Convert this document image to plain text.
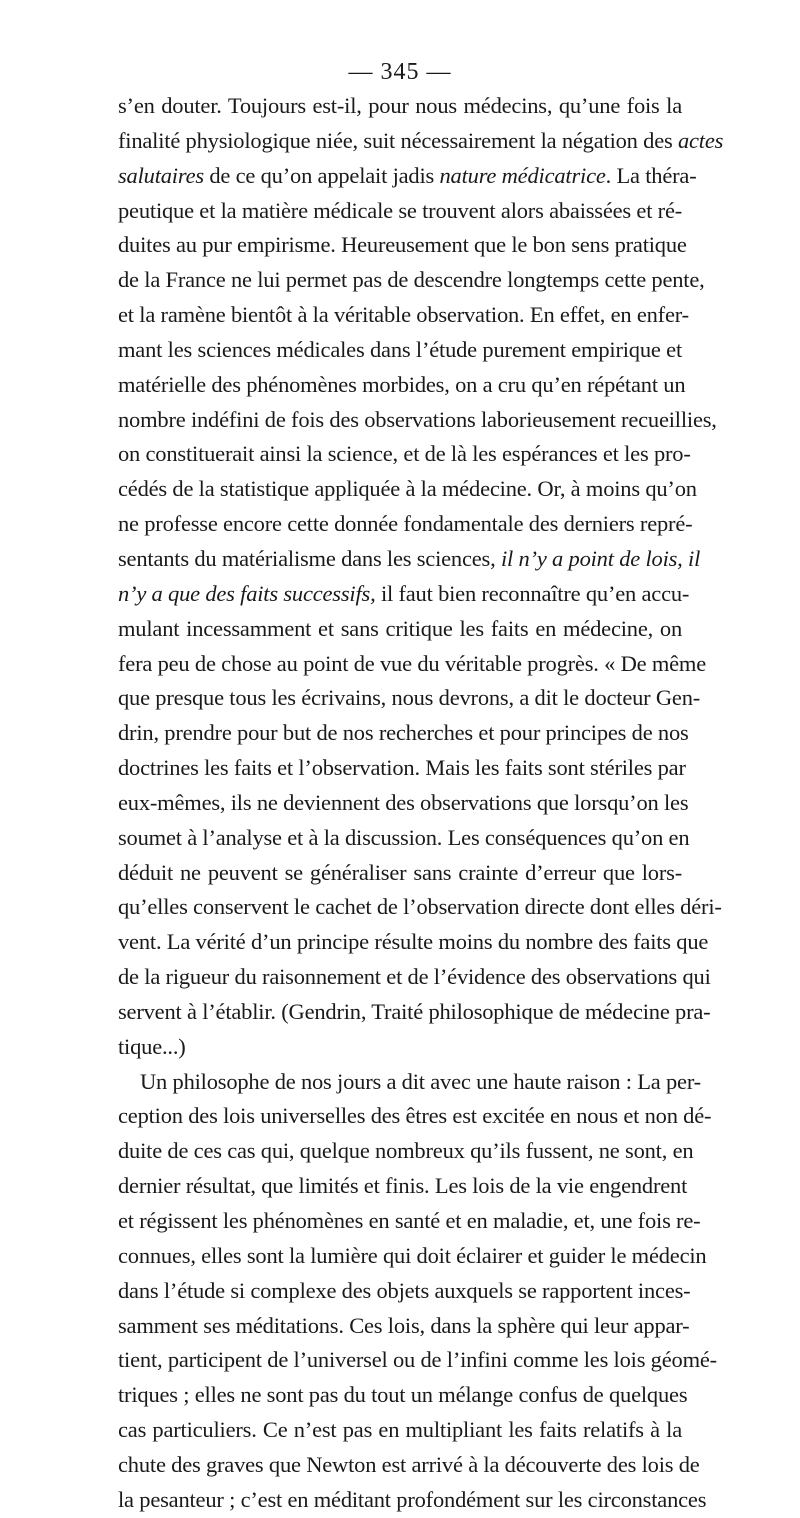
— 345 —
s’en douter. Toujours est-il, pour nous médecins, qu’une fois la
finalité physiologique niée, suit nécessairement la négation des actes
salutaires de ce qu’on appelait jadis nature médicatrice. La théra-
peutique et la matière médicale se trouvent alors abaissées et ré-
duites au pur empirisme. Heureusement que le bon sens pratique
de la France ne lui permet pas de descendre longtemps cette pente,
et la ramène bientôt à la véritable observation. En effet, en enfer-
mant les sciences médicales dans l’étude purement empirique et
matérielle des phénomènes morbides, on a cru qu’en répétant un
nombre indéfini de fois des observations laborieusement recueillies,
on constituerait ainsi la science, et de là les espérances et les pro-
cédés de la statistique appliquée à la médecine. Or, à moins qu’on
ne professe encore cette donnée fondamentale des derniers repré-
sentants du matérialisme dans les sciences, il n’y a point de lois, il
n’y a que des faits successifs, il faut bien reconnaître qu’en accu-
mulant incessamment et sans critique les faits en médecine, on
fera peu de chose au point de vue du véritable progrès. « De même
que presque tous les écrivains, nous devrons, a dit le docteur Gen-
drin, prendre pour but de nos recherches et pour principes de nos
doctrines les faits et l’observation. Mais les faits sont stériles par
eux-mêmes, ils ne deviennent des observations que lorsqu’on les
soumet à l’analyse et à la discussion. Les conséquences qu’on en
déduit ne peuvent se généraliser sans crainte d’erreur que lors-
qu’elles conservent le cachet de l’observation directe dont elles déri-
vent. La vérité d’un principe résulte moins du nombre des faits que
de la rigueur du raisonnement et de l’évidence des observations qui
servent à l’établir. (Gendrin, Traité philosophique de médecine pra-
tique...)
Un philosophe de nos jours a dit avec une haute raison : La per-
ception des lois universelles des êtres est excitée en nous et non dé-
duite de ces cas qui, quelque nombreux qu’ils fussent, ne sont, en
dernier résultat, que limités et finis. Les lois de la vie engendrent
et régissent les phénomènes en santé et en maladie, et, une fois re-
connues, elles sont la lumière qui doit éclairer et guider le médecin
dans l’étude si complexe des objets auxquels se rapportent inces-
samment ses méditations. Ces lois, dans la sphère qui leur appar-
tient, participent de l’universel ou de l’infini comme les lois géomé-
triques ; elles ne sont pas du tout un mélange confus de quelques
cas particuliers. Ce n’est pas en multipliant les faits relatifs à la
chute des graves que Newton est arrivé à la découverte des lois de
la pesanteur ; c’est en méditant profondément sur les circonstances
